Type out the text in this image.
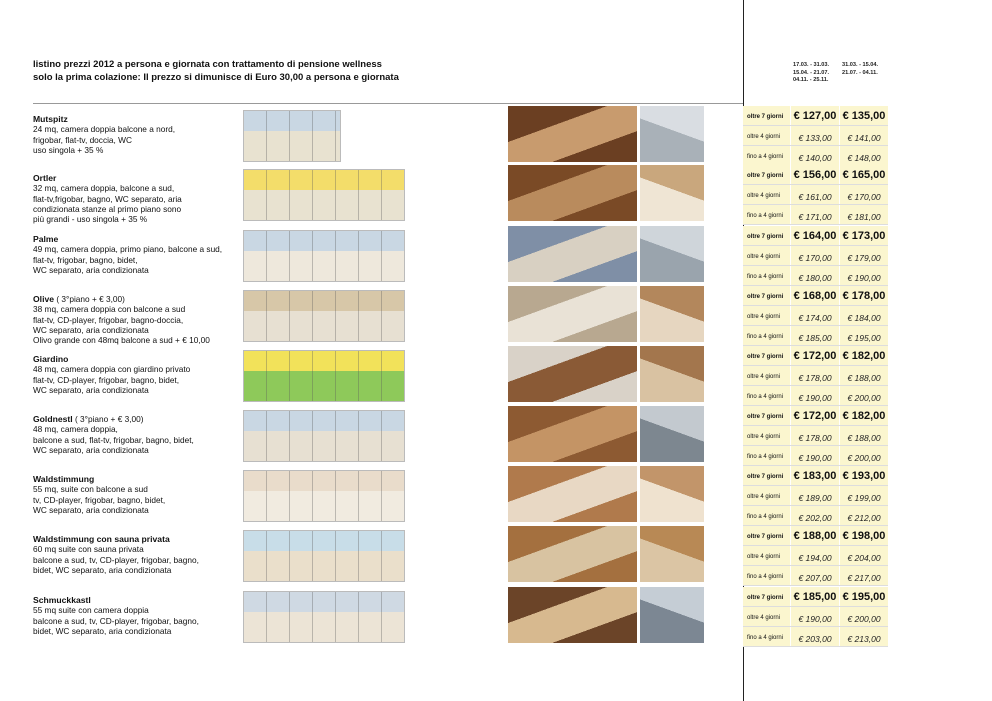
listino prezzi 2012 a persona e giornata con trattamento di pensione wellness
solo la prima colazione: Il prezzo si dimunisce di Euro 30,00 a persona e giornata
17.03. - 31.03.
15.04. - 21.07.
04.11. - 25.11.
31.03. - 15.04.
21.07. - 04.11.
Mutspitz
24 mq, camera doppia balcone a nord,
frigobar, flat-tv, doccia, WC
uso singola + 35 %
oltre 7 giorni € 127,00 € 135,00
oltre 4 giorni	€ 133,00	€ 141,00
fino a 4 giorni	€ 140,00	€ 148,00
Ortler
32 mq, camera doppia, balcone a sud,
flat-tv,frigobar, bagno, WC separato, aria
condizionata stanze al primo piano sono
più grandi - uso singola + 35 %
oltre 7 giorni € 156,00 € 165,00
oltre 4 giorni	€ 161,00	€ 170,00
fino a 4 giorni	€ 171,00	€ 181,00
Palme
49 mq, camera doppia, primo piano, balcone a sud,
flat-tv, frigobar, bagno, bidet,
WC separato, aria condizionata
oltre 7 giorni € 164,00 € 173,00
oltre 4 giorni	€ 170,00	€ 179,00
fino a 4 giorni	€ 180,00	€ 190,00
Olive ( 3°piano + € 3,00)
38 mq, camera doppia con balcone a sud
flat-tv, CD-player, frigobar, bagno-doccia,
WC separato, aria condizionata
Olivo grande con 48mq balcone a sud + € 10,00
oltre 7 giorni € 168,00 € 178,00
oltre 4 giorni	€ 174,00	€ 184,00
fino a 4 giorni	€ 185,00	€ 195,00
Giardino
48 mq, camera doppia con giardino privato
flat-tv, CD-player, frigobar, bagno, bidet,
WC separato, aria condizionata
oltre 7 giorni € 172,00 € 182,00
oltre 4 giorni	€ 178,00	€ 188,00
fino a 4 giorni	€ 190,00	€ 200,00
Goldnestl ( 3°piano + € 3,00)
48 mq, camera doppia,
balcone a sud, flat-tv, frigobar, bagno, bidet,
WC separato, aria condizionata
oltre 7 giorni € 172,00 € 182,00
oltre 4 giorni	€ 178,00	€ 188,00
fino a 4 giorni	€ 190,00	€ 200,00
Waldstimmung
55 mq, suite con balcone a sud
tv, CD-player, frigobar, bagno, bidet,
WC separato, aria condizionata
oltre 7 giorni € 183,00 € 193,00
oltre 4 giorni	€ 189,00	€ 199,00
fino a 4 giorni	€ 202,00	€ 212,00
Waldstimmung con sauna privata
60 mq suite con sauna privata
balcone a sud, tv, CD-player, frigobar, bagno,
bidet, WC separato, aria condizionata
oltre 7 giorni € 188,00 € 198,00
oltre 4 giorni	€ 194,00	€ 204,00
fino a 4 giorni	€ 207,00	€ 217,00
Schmuckkastl
55 mq suite con camera doppia
balcone a sud, tv, CD-player, frigobar, bagno,
bidet, WC separato, aria condizionata
oltre 7 giorni € 185,00 € 195,00
oltre 4 giorni	€ 190,00	€ 200,00
fino a 4 giorni	€ 203,00	€ 213,00
